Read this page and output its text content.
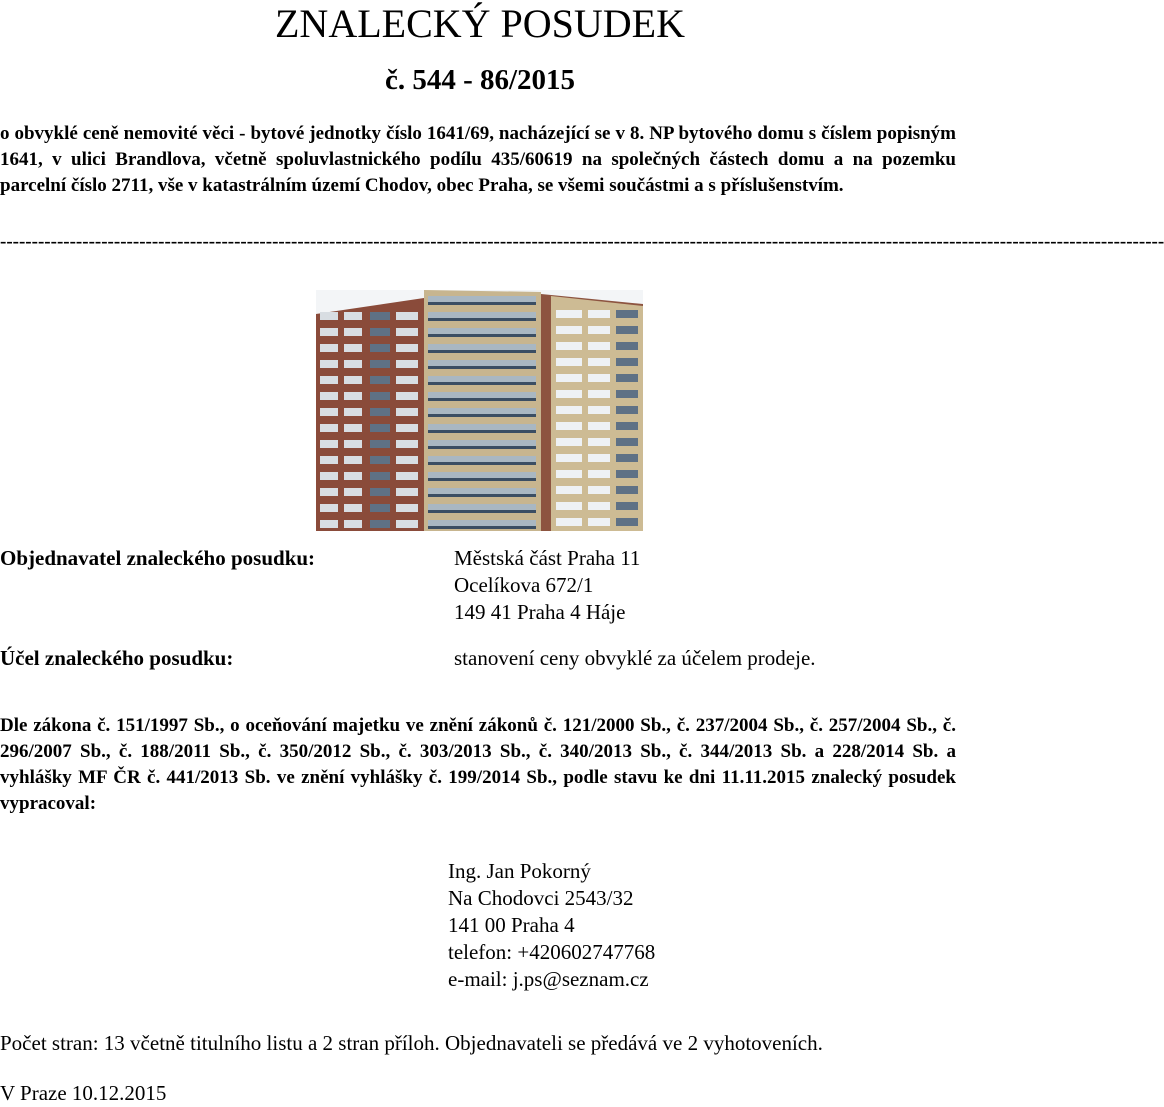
ZNALECKÝ POSUDEK
č. 544 - 86/2015

o obvyklé ceně nemovité věci - bytové jednotky číslo 1641/69, nacházející se v 8. NP bytového domu s číslem popisným 1641, v ulici Brandlova, včetně spoluvlastnického podílu 435/60619 na společných částech domu a na pozemku parcelní číslo 2711, vše v katastrálním území Chodov, obec Praha, se všemi součástmi a s příslušenstvím.

----------------------------------------------------------------------------------------------------------------------------------------------------------------------------------------
Objednavatel znaleckého posudku:	Městská část Praha 11
Ocelíkova 672/1
149 41 Praha 4 Háje
Účel znaleckého posudku:	stanovení ceny obvyklé za účelem prodeje.

Dle zákona č. 151/1997 Sb., o oceňování majetku ve znění zákonů č. 121/2000 Sb., č. 237/2004 Sb., č. 257/2004 Sb., č. 296/2007 Sb., č. 188/2011 Sb., č. 350/2012 Sb., č. 303/2013 Sb., č. 340/2013 Sb., č. 344/2013 Sb. a 228/2014 Sb. a vyhlášky MF ČR č. 441/2013 Sb. ve znění vyhlášky č. 199/2014 Sb., podle stavu ke dni 11.11.2015 znalecký posudek vypracoval:

Ing. Jan Pokorný
Na Chodovci 2543/32
141 00 Praha 4
telefon: +420602747768
e-mail: j.ps@seznam.cz
Počet stran: 13 včetně titulního listu a 2 stran příloh. Objednavateli se předává ve 2 vyhotoveních.
V Praze 10.12.2015
